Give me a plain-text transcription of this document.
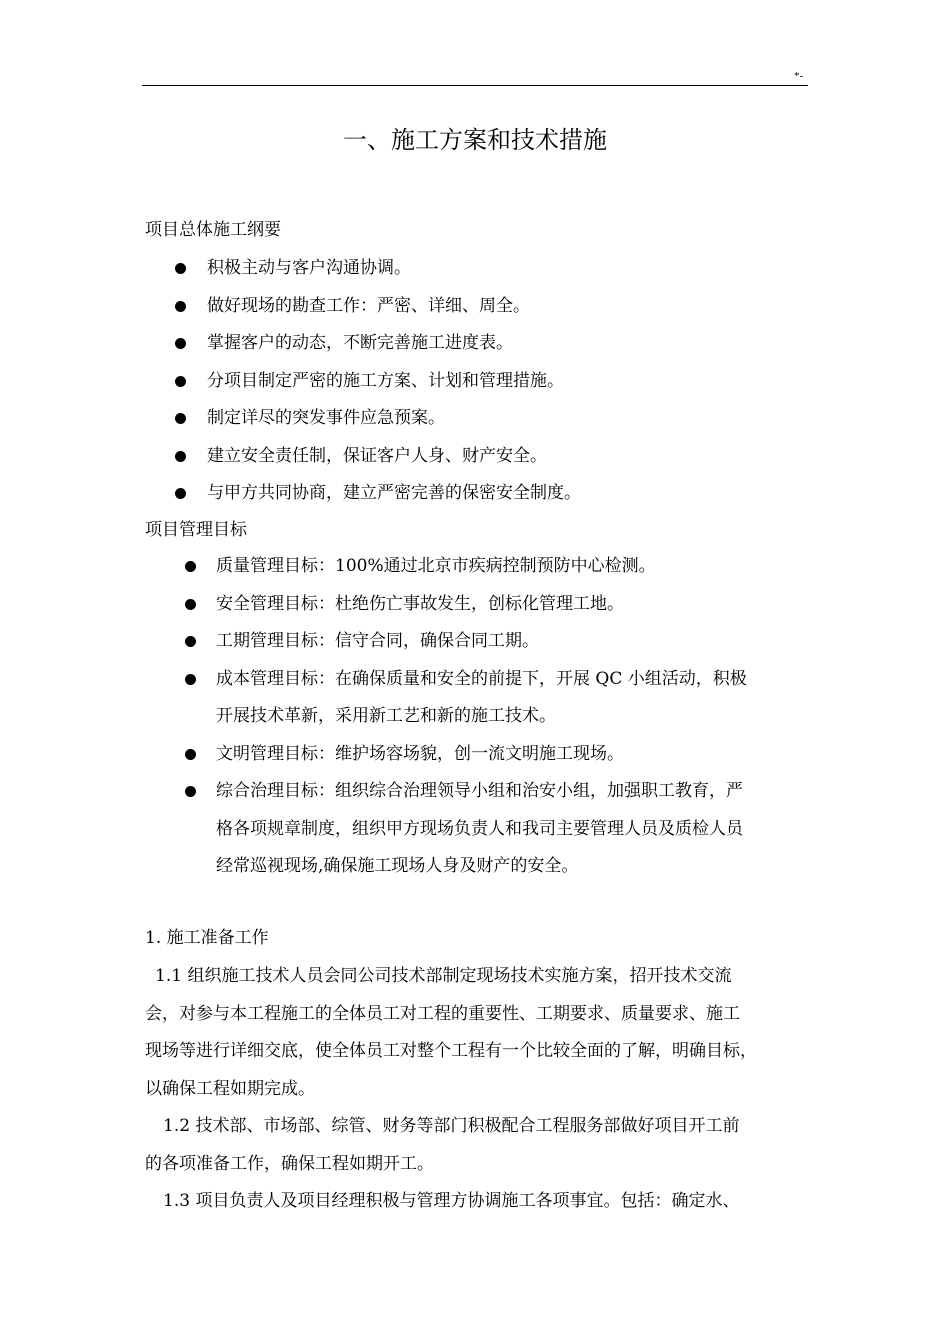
*-
一、施工方案和技术措施
项目总体施工纲要
积极主动与客户沟通协调。
做好现场的勘查工作：严密、详细、周全。
掌握客户的动态，不断完善施工进度表。
分项目制定严密的施工方案、计划和管理措施。
制定详尽的突发事件应急预案。
建立安全责任制，保证客户人身、财产安全。
与甲方共同协商，建立严密完善的保密安全制度。
项目管理目标
质量管理目标：100%通过北京市疾病控制预防中心检测。
安全管理目标：杜绝伤亡事故发生，创标化管理工地。
工期管理目标：信守合同，确保合同工期。
成本管理目标：在确保质量和安全的前提下，开展 QC 小组活动，积极
开展技术革新，采用新工艺和新的施工技术。
文明管理目标：维护场容场貌，创一流文明施工现场。
综合治理目标：组织综合治理领导小组和治安小组，加强职工教育，严
格各项规章制度，组织甲方现场负责人和我司主要管理人员及质检人员
经常巡视现场,确保施工现场人身及财产的安全。
1. 施工准备工作
1.1 组织施工技术人员会同公司技术部制定现场技术实施方案，招开技术交流
会，对参与本工程施工的全体员工对工程的重要性、工期要求、质量要求、施工
现场等进行详细交底，使全体员工对整个工程有一个比较全面的了解，明确目标，
以确保工程如期完成。
1.2 技术部、市场部、综管、财务等部门积极配合工程服务部做好项目开工前
的各项准备工作，确保工程如期开工。
1.3 项目负责人及项目经理积极与管理方协调施工各项事宜。包括：确定水、
